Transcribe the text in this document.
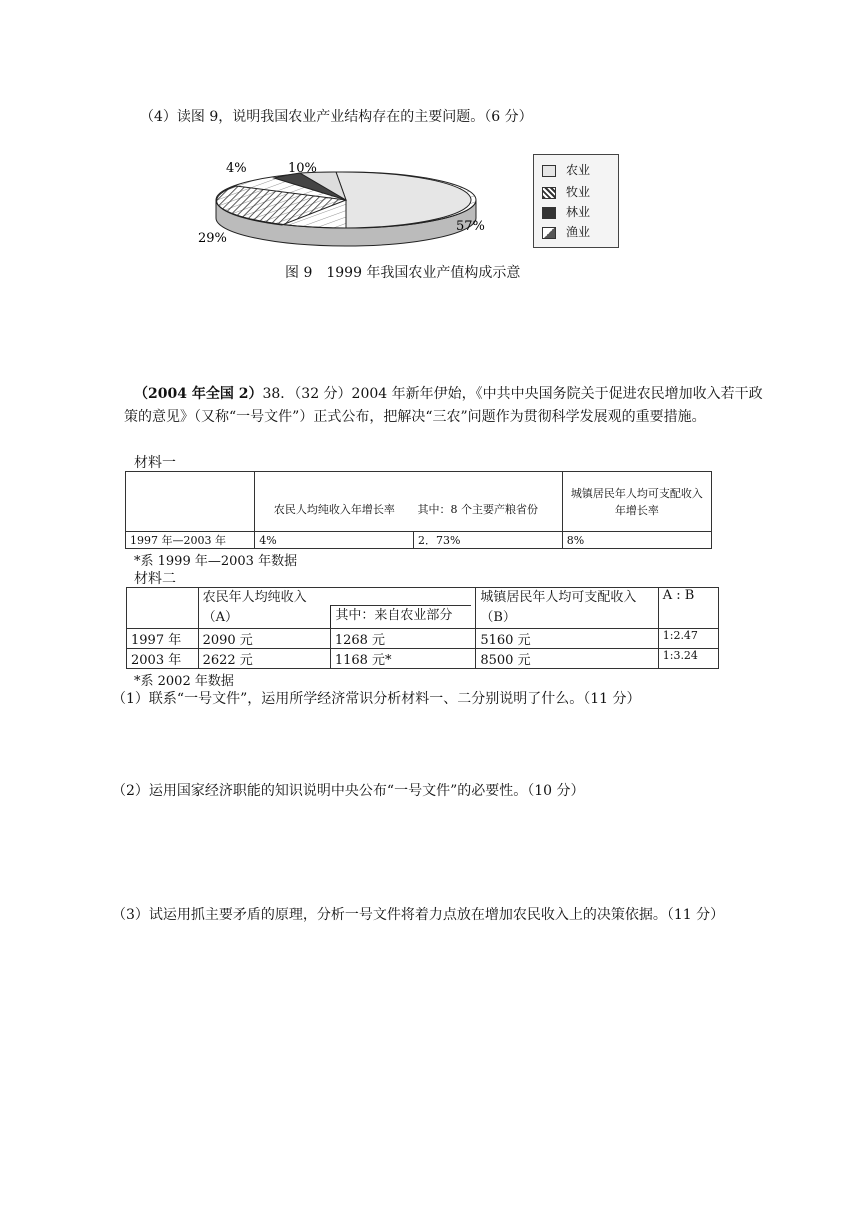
（4）读图 9，说明我国农业产业结构存在的主要问题。（6 分）
4%	10%
29%
57%
农业
牧业
林业
渔业
图 9　1999 年我国农业产值构成示意
（2004 年全国 2）38．（32 分）2004 年新年伊始，《中共中央国务院关于促进农民增加收入若干政策的意见》（又称“一号文件”）正式公布，把解决“三农”问题作为贯彻科学发展观的重要措施。
材料一
	农民人均纯收入年增长率	其中：8 个主要产粮省份	城镇居民年人均可支配收入年增长率
1997 年—2003 年	4%	2．73%	8%
*系 1999 年—2003 年数据
材料二

	农民年人均纯收入
（A）	其中：来自农业部分	城镇居民年人均可支配收入（B）	A : B
1997 年	2090 元	1268 元	5160 元	1:2.47
2003 年	2622 元	1168 元*	8500 元	1:3.24
*系 2002 年数据
（1）联系“一号文件”，运用所学经济常识分析材料一、二分别说明了什么。（11 分）
（2）运用国家经济职能的知识说明中央公布“一号文件”的必要性。（10 分）
（3）试运用抓主要矛盾的原理，分析一号文件将着力点放在增加农民收入上的决策依据。（11 分）
